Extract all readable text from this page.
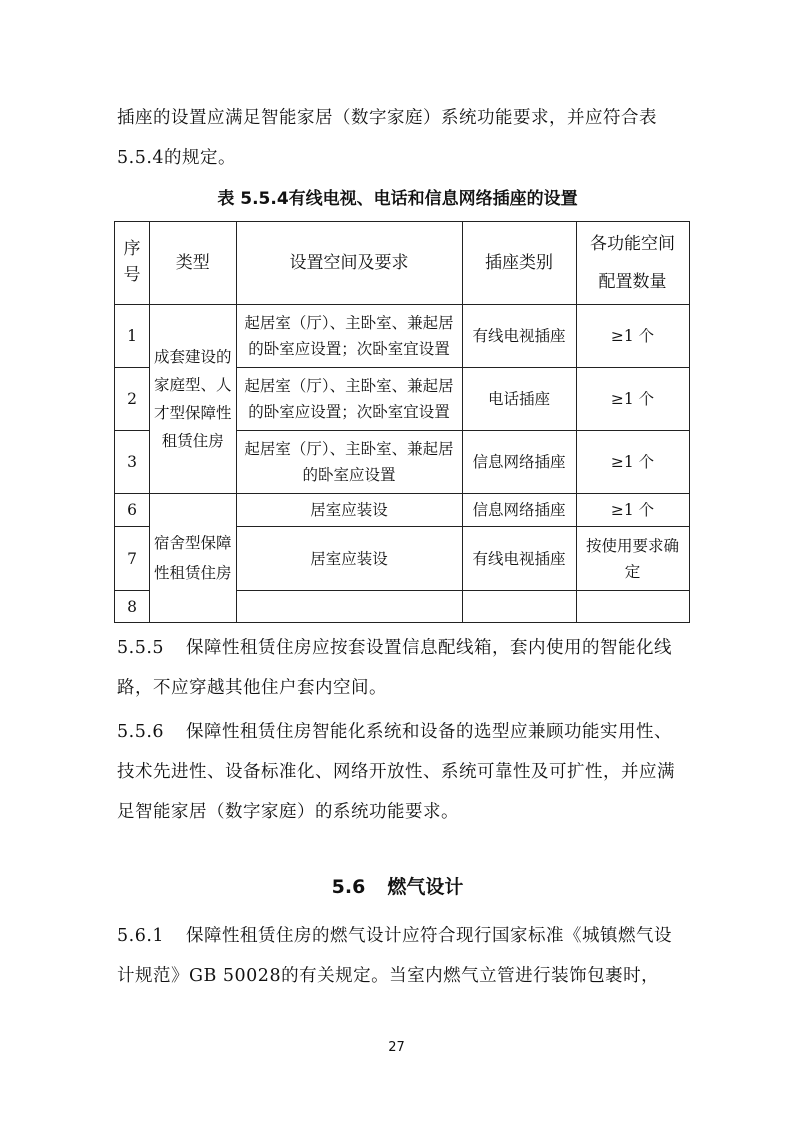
插座的设置应满足智能家居（数字家庭）系统功能要求，并应符合表5.5.4的规定。

表 5.5.4有线电视、电话和信息网络插座的设置

序号	类型	设置空间及要求	插座类别	各功能空间配置数量
1	成套建设的家庭型、人才型保障性租赁住房	起居室（厅）、主卧室、兼起居的卧室应设置；次卧室宜设置	有线电视插座	≥1 个
2		起居室（厅）、主卧室、兼起居的卧室应设置；次卧室宜设置	电话插座	≥1 个
3		起居室（厅）、主卧室、兼起居的卧室应设置	信息网络插座	≥1 个
6	宿舍型保障性租赁住房	居室应装设	信息网络插座	≥1 个
7		居室应装设	有线电视插座	按使用要求确定
8				

5.5.5 保障性租赁住房应按套设置信息配线箱，套内使用的智能化线路，不应穿越其他住户套内空间。

5.5.6 保障性租赁住房智能化系统和设备的选型应兼顾功能实用性、技术先进性、设备标准化、网络开放性、系统可靠性及可扩性，并应满足智能家居（数字家庭）的系统功能要求。

5.6 燃气设计

5.6.1 保障性租赁住房的燃气设计应符合现行国家标准《城镇燃气设计规范》GB 50028的有关规定。当室内燃气立管进行装饰包裹时，

27
